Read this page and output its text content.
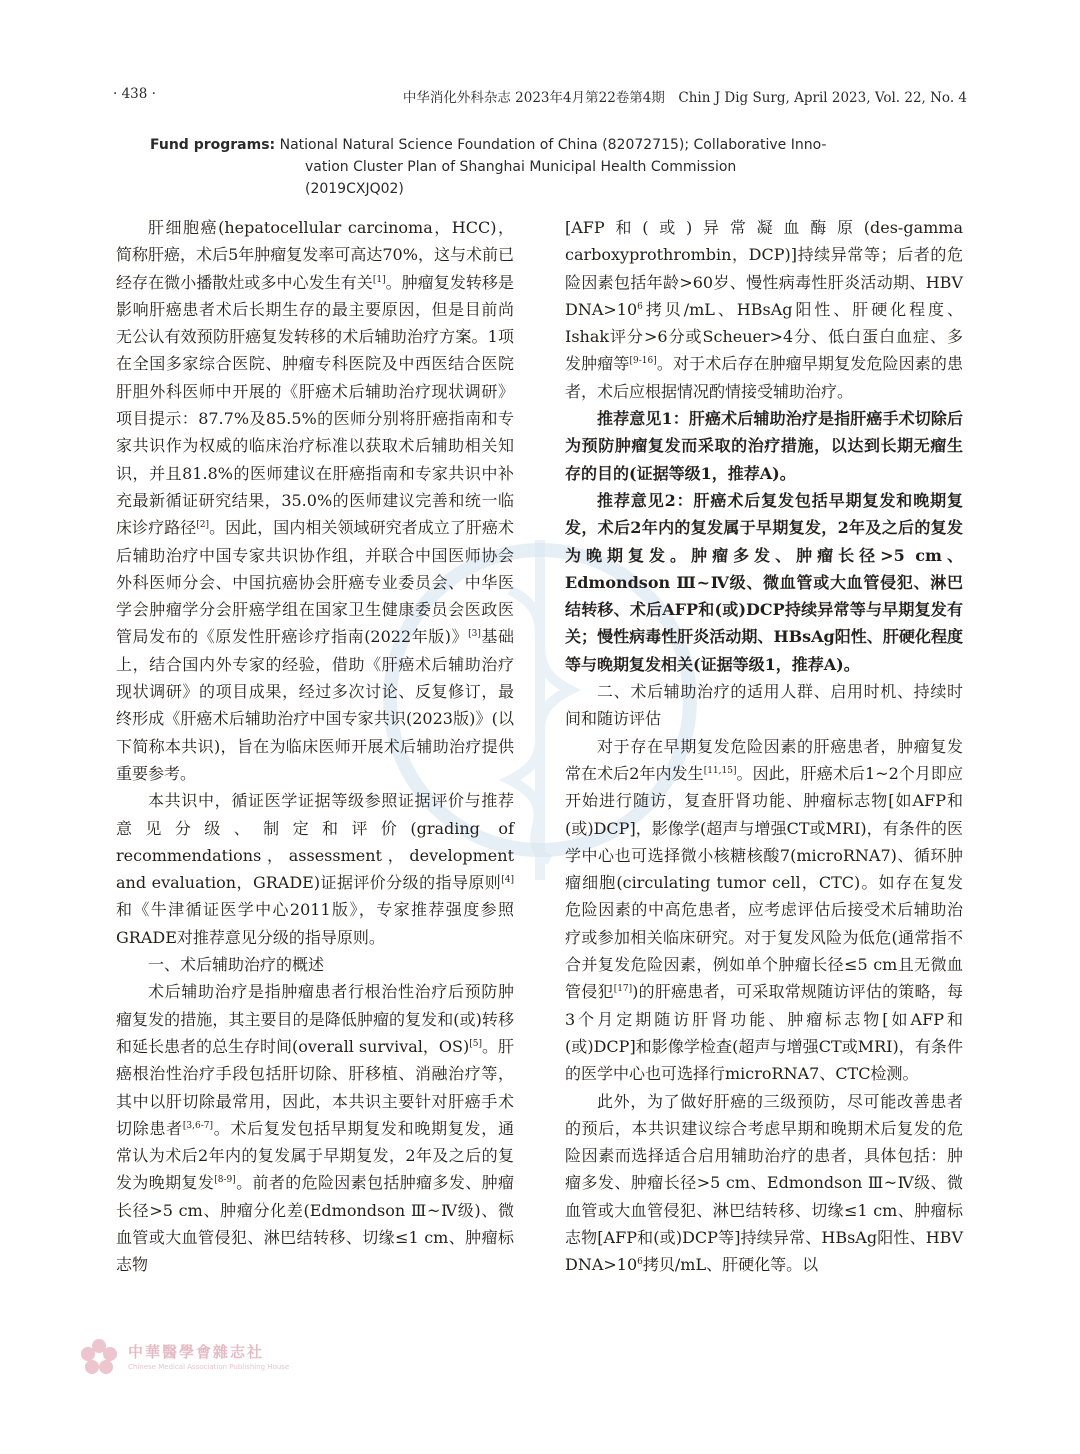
· 438 ·	中华消化外科杂志 2023年4月第22卷第4期　Chin J Dig Surg, April 2023, Vol. 22, No. 4
Fund programs: National Natural Science Foundation of China (82072715); Collaborative Inno-
vation Cluster Plan of Shanghai Municipal Health Commission (2019CXJQ02)

肝细胞癌(hepatocellular carcinoma，HCC)，简称肝癌，术后5年肿瘤复发率可高达70%，这与术前已经存在微小播散灶或多中心发生有关[1]。肿瘤复发转移是影响肝癌患者术后长期生存的最主要原因，但是目前尚无公认有效预防肝癌复发转移的术后辅助治疗方案。1项在全国多家综合医院、肿瘤专科医院及中西医结合医院肝胆外科医师中开展的《肝癌术后辅助治疗现状调研》项目提示：87.7%及85.5%的医师分别将肝癌指南和专家共识作为权威的临床治疗标准以获取术后辅助相关知识，并且81.8%的医师建议在肝癌指南和专家共识中补充最新循证研究结果，35.0%的医师建议完善和统一临床诊疗路径[2]。因此，国内相关领域研究者成立了肝癌术后辅助治疗中国专家共识协作组，并联合中国医师协会外科医师分会、中国抗癌协会肝癌专业委员会、中华医学会肿瘤学分会肝癌学组在国家卫生健康委员会医政医管局发布的《原发性肝癌诊疗指南(2022年版)》[3]基础上，结合国内外专家的经验，借助《肝癌术后辅助治疗现状调研》的项目成果，经过多次讨论、反复修订，最终形成《肝癌术后辅助治疗中国专家共识(2023版)》(以下简称本共识)，旨在为临床医师开展术后辅助治疗提供重要参考。

本共识中，循证医学证据等级参照证据评价与推荐意见分级、制定和评价(grading of recommendations，assessment，development and evaluation，GRADE)证据评价分级的指导原则[4]和《牛津循证医学中心2011版》，专家推荐强度参照GRADE对推荐意见分级的指导原则。

一、术后辅助治疗的概述

术后辅助治疗是指肿瘤患者行根治性治疗后预防肿瘤复发的措施，其主要目的是降低肿瘤的复发和(或)转移和延长患者的总生存时间(overall survival，OS)[5]。肝癌根治性治疗手段包括肝切除、肝移植、消融治疗等，其中以肝切除最常用，因此，本共识主要针对肝癌手术切除患者[3,6-7]。术后复发包括早期复发和晚期复发，通常认为术后2年内的复发属于早期复发，2年及之后的复发为晚期复发[8-9]。前者的危险因素包括肿瘤多发、肿瘤长径>5 cm、肿瘤分化差(Edmondson Ⅲ~Ⅳ级)、微血管或大血管侵犯、淋巴结转移、切缘≤1 cm、肿瘤标志物

[AFP和(或)异常凝血酶原(des-gamma carboxyprothrombin，DCP)]持续异常等；后者的危险因素包括年龄>60岁、慢性病毒性肝炎活动期、HBV $DNA>10^6$拷贝/mL、HBsAg阳性、肝硬化程度、Ishak评分>6分或Scheuer>4分、低白蛋白血症、多发肿瘤等[9-16]。对于术后存在肿瘤早期复发危险因素的患者，术后应根据情况酌情接受辅助治疗。

推荐意见1：肝癌术后辅助治疗是指肝癌手术切除后为预防肿瘤复发而采取的治疗措施，以达到长期无瘤生存的目的(证据等级1，推荐A)。

推荐意见2：肝癌术后复发包括早期复发和晚期复发，术后2年内的复发属于早期复发，2年及之后的复发为晚期复发。肿瘤多发、肿瘤长径>5 cm、Edmondson Ⅲ~Ⅳ级、微血管或大血管侵犯、淋巴结转移、术后AFP和(或)DCP持续异常等与早期复发有关；慢性病毒性肝炎活动期、HBsAg阳性、肝硬化程度等与晚期复发相关(证据等级1，推荐A)。

二、术后辅助治疗的适用人群、启用时机、持续时间和随访评估

对于存在早期复发危险因素的肝癌患者，肿瘤复发常在术后2年内发生[11,15]。因此，肝癌术后1~2个月即应开始进行随访，复查肝肾功能、肿瘤标志物[如AFP和(或)DCP]，影像学(超声与增强CT或MRI)，有条件的医学中心也可选择微小核糖核酸7(microRNA7)、循环肿瘤细胞(circulating tumor cell，CTC)。如存在复发危险因素的中高危患者，应考虑评估后接受术后辅助治疗或参加相关临床研究。对于复发风险为低危(通常指不合并复发危险因素，例如单个肿瘤长径≤5 cm且无微血管侵犯[17])的肝癌患者，可采取常规随访评估的策略，每3个月定期随访肝肾功能、肿瘤标志物[如AFP和(或)DCP]和影像学检查(超声与增强CT或MRI)，有条件的医学中心也可选择行microRNA7、CTC检测。

此外，为了做好肝癌的三级预防，尽可能改善患者的预后，本共识建议综合考虑早期和晚期术后复发的危险因素而选择适合启用辅助治疗的患者，具体包括：肿瘤多发、肿瘤长径>5 cm、Edmondson Ⅲ~Ⅳ级、微血管或大血管侵犯、淋巴结转移、切缘≤1 cm、肿瘤标志物[AFP和(或)DCP等]持续异常、HBsAg阳性、HBV $DNA>10^6$拷贝/mL、肝硬化等。以

中華醫學會雜志社
Chinese Medical Association Publishing House
